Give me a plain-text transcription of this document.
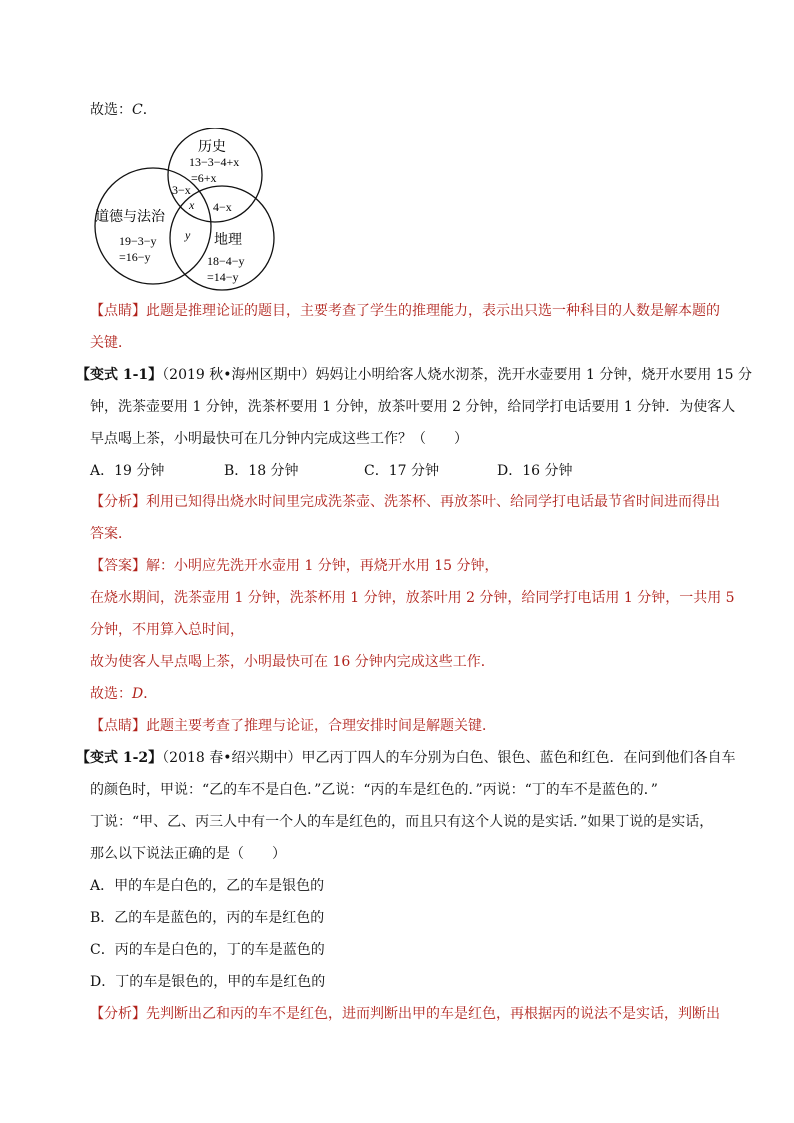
故选：C．
历史
13−3−4+x
=6+x
道德与法治
19−3−y
=16−y
地理
18−4−y
=14−y
3−x
x 4−x
y
【点睛】此题是推理论证的题目，主要考查了学生的推理能力，表示出只选一种科目的人数是解本题的
关键．
【变式 1-1】（2019 秋•海州区期中）妈妈让小明给客人烧水沏茶，洗开水壶要用 1 分钟，烧开水要用 15 分
钟，洗茶壶要用 1 分钟，洗茶杯要用 1 分钟，放茶叶要用 2 分钟，给同学打电话要用 1 分钟．为使客人
早点喝上茶，小明最快可在几分钟内完成这些工作？（　　）
A．19 分钟	B．18 分钟	C．17 分钟	D．16 分钟
【分析】利用已知得出烧水时间里完成洗茶壶、洗茶杯、再放茶叶、给同学打电话最节省时间进而得出
答案．
【答案】解：小明应先洗开水壶用 1 分钟，再烧开水用 15 分钟，
在烧水期间，洗茶壶用 1 分钟，洗茶杯用 1 分钟，放茶叶用 2 分钟，给同学打电话用 1 分钟，一共用 5
分钟，不用算入总时间，
故为使客人早点喝上茶，小明最快可在 16 分钟内完成这些工作．
故选：D．
【点睛】此题主要考查了推理与论证，合理安排时间是解题关键．
【变式 1-2】（2018 春•绍兴期中）甲乙丙丁四人的车分别为白色、银色、蓝色和红色．在问到他们各自车
的颜色时，甲说：“乙的车不是白色．”乙说：“丙的车是红色的．”丙说：“丁的车不是蓝色的．”
丁说：“甲、乙、丙三人中有一个人的车是红色的，而且只有这个人说的是实话．”如果丁说的是实话，
那么以下说法正确的是（　　）
A．甲的车是白色的，乙的车是银色的
B．乙的车是蓝色的，丙的车是红色的
C．丙的车是白色的，丁的车是蓝色的
D．丁的车是银色的，甲的车是红色的
【分析】先判断出乙和丙的车不是红色，进而判断出甲的车是红色，再根据丙的说法不是实话，判断出
